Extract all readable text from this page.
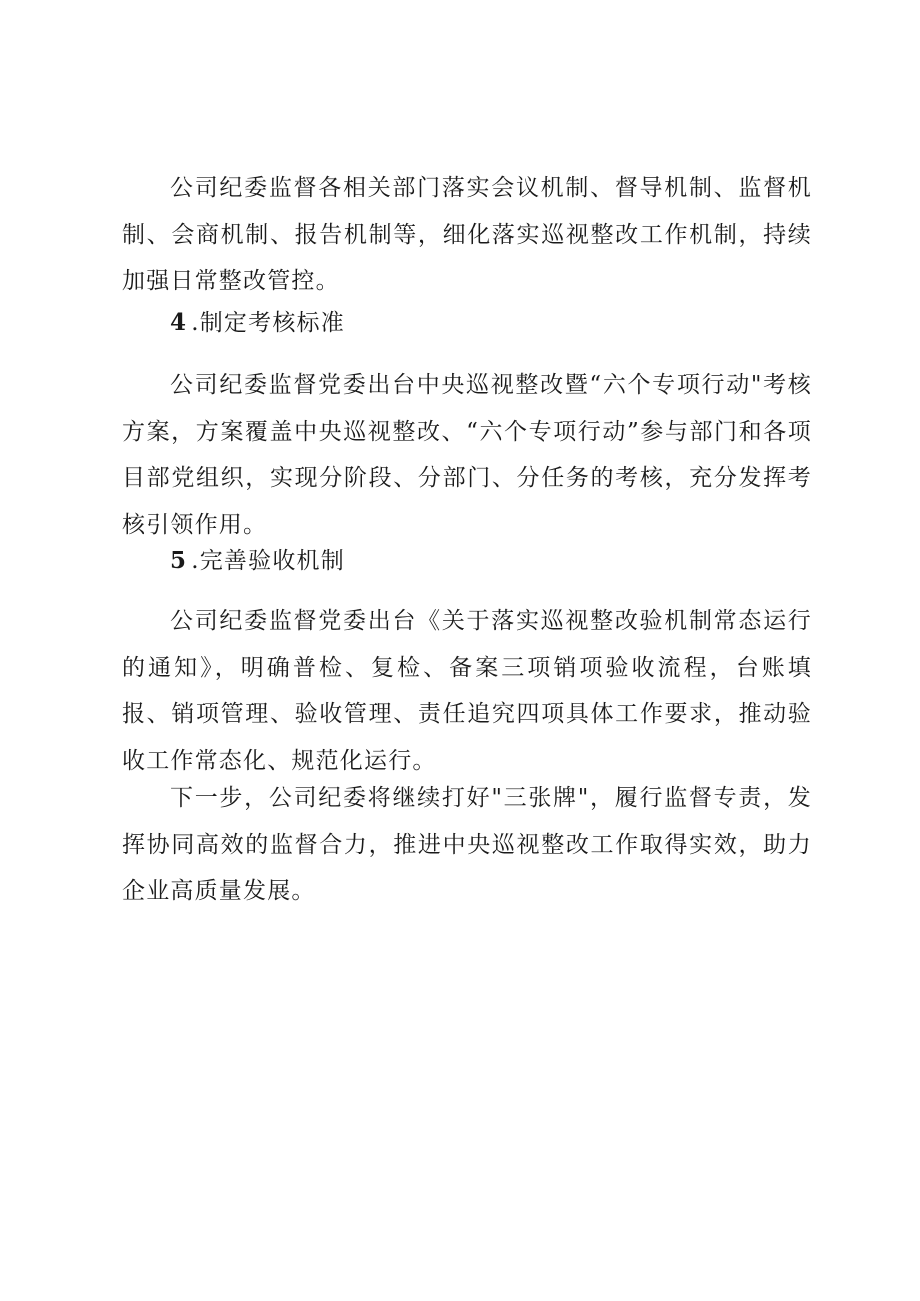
公司纪委监督各相关部门落实会议机制、督导机制、监督机制、会商机制、报告机制等，细化落实巡视整改工作机制，持续加强日常整改管控。

4 .制定考核标准

公司纪委监督党委出台中央巡视整改暨“六个专项行动"考核方案，方案覆盖中央巡视整改、“六个专项行动”参与部门和各项目部党组织，实现分阶段、分部门、分任务的考核，充分发挥考核引领作用。

5 .完善验收机制

公司纪委监督党委出台《关于落实巡视整改验机制常态运行的通知》，明确普检、复检、备案三项销项验收流程，台账填报、销项管理、验收管理、责任追究四项具体工作要求，推动验收工作常态化、规范化运行。

下一步，公司纪委将继续打好"三张牌"，履行监督专责，发挥协同高效的监督合力，推进中央巡视整改工作取得实效，助力企业高质量发展。
